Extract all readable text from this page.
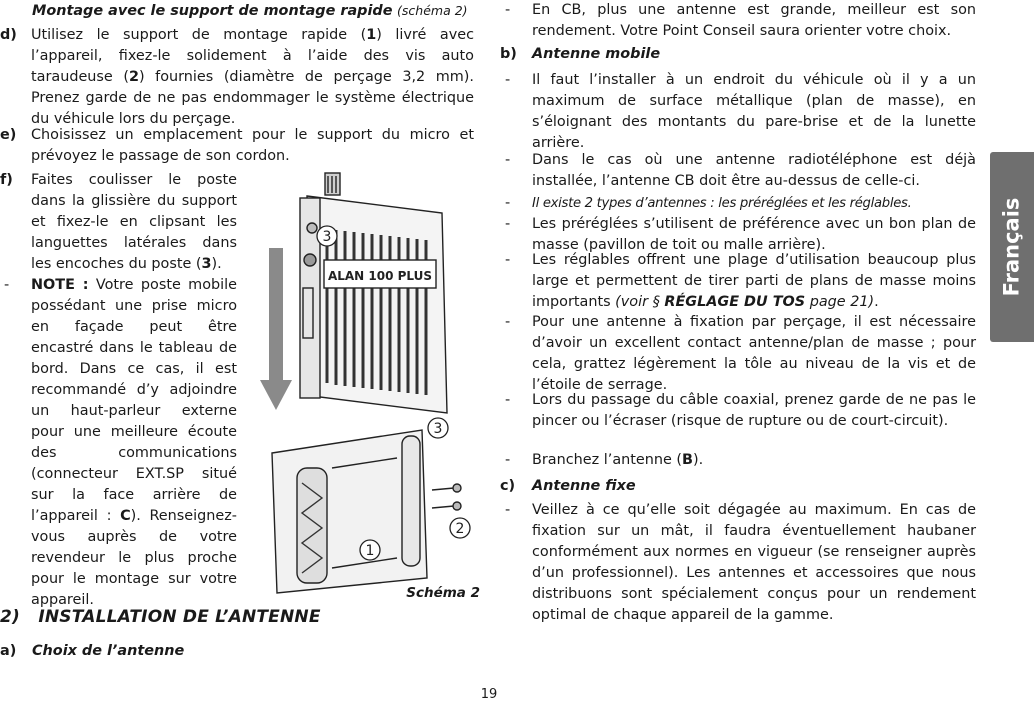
Montage avec le support de montage rapide (schéma 2)
d) Utilisez le support de montage rapide (1) livré avec l’appareil, fixez-le solidement à l’aide des vis auto taraudeuse (2) fournies (diamètre de perçage 3,2 mm). Prenez garde de ne pas endommager le système électrique du véhicule lors du perçage.
e) Choisissez un emplacement pour le support du micro et prévoyez le passage de son cordon.
f) Faites coulisser le poste dans la glissière du support et fixez-le en clipsant les languettes latérales dans les encoches du poste (3).
- NOTE : Votre poste mobile possédant une prise micro en façade peut être encastré dans le tableau de bord. Dans ce cas, il est recommandé d’y adjoindre un haut-parleur externe pour une meilleure écoute des communications (connecteur EXT.SP situé sur la face arrière de l’appareil : C). Renseignez-vous auprès de votre revendeur le plus proche pour le montage sur votre appareil.
2)   INSTALLATION DE L’ANTENNE
a) Choix de l’antenne
ALAN 100 PLUS
3
3
2
1
Schéma 2
- En CB, plus une antenne est grande, meilleur est son rendement. Votre Point Conseil saura orienter votre choix.
b) Antenne mobile
- Il faut l’installer à un endroit du véhicule où il y a un maximum de surface métallique (plan de masse), en s’éloignant des montants du pare-brise et de la lunette arrière.
- Dans le cas où une antenne radiotéléphone est déjà installée, l’antenne CB doit être au-dessus de celle-ci.
- Il existe 2 types d’antennes : les préréglées et les réglables.
- Les préréglées s’utilisent de préférence avec un bon plan de masse (pavillon de toit ou malle arrière).
- Les réglables offrent une plage d’utilisation beaucoup plus large et permettent de tirer parti de plans de masse moins importants (voir § RÉGLAGE DU TOS page 21).
- Pour une antenne à fixation par perçage, il est nécessaire d’avoir un excellent contact antenne/plan de masse ; pour cela, grattez légèrement la tôle au niveau de la vis et de l’étoile de serrage.
- Lors du passage du câble coaxial, prenez garde de ne pas le pincer ou l’écraser (risque de rupture ou de court-circuit).
- Branchez l’antenne (B).
c) Antenne fixe
- Veillez à ce qu’elle soit dégagée au maximum. En cas de fixation sur un mât, il faudra éventuellement haubaner conformément aux normes en vigueur (se renseigner auprès d’un professionnel). Les antennes et accessoires que nous distribuons sont spécialement conçus pour un rendement optimal de chaque appareil de la gamme.
Français
19
